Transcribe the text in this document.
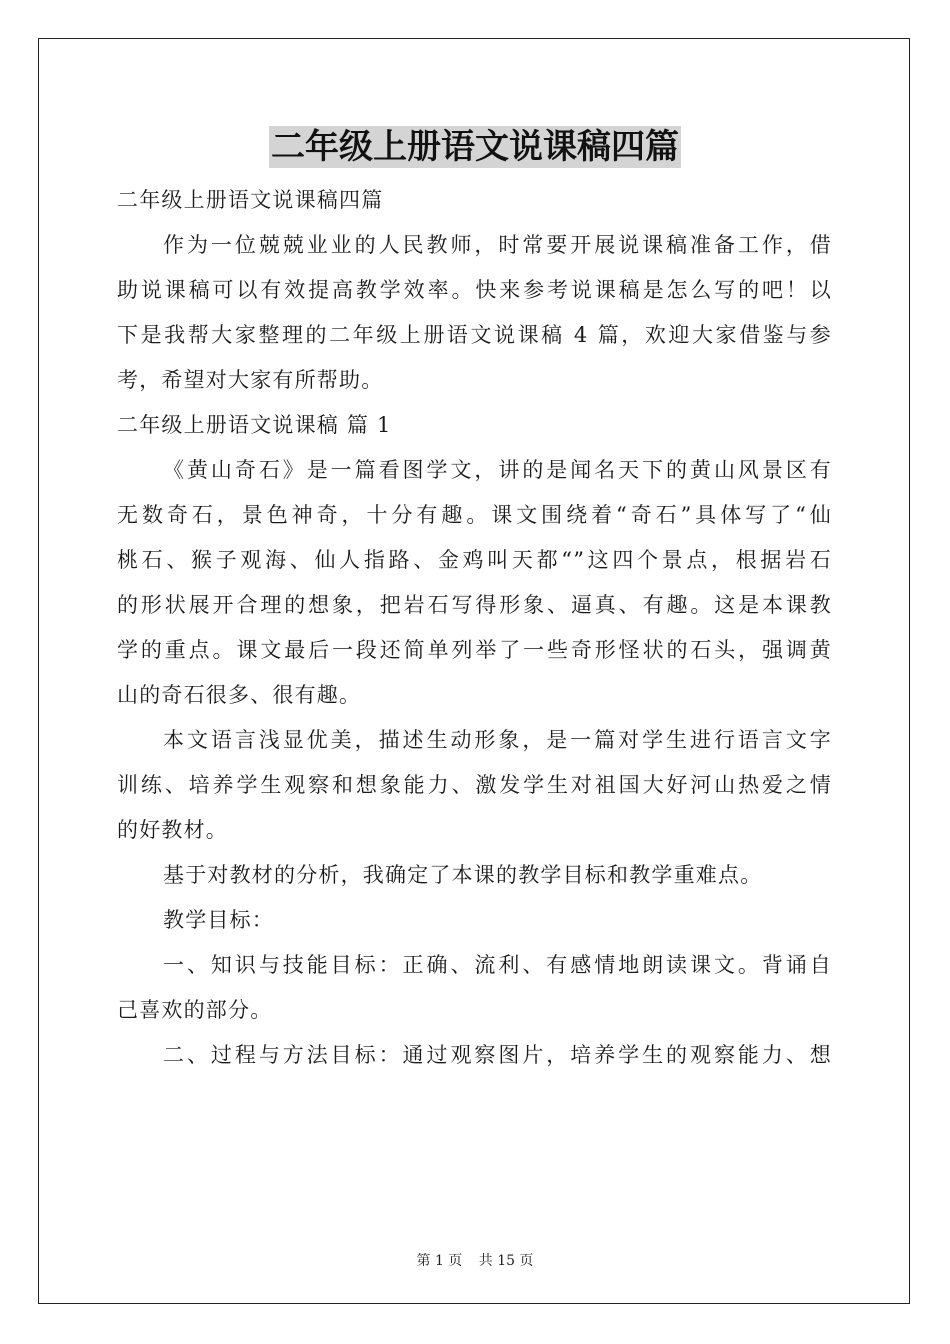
二年级上册语文说课稿四篇
二年级上册语文说课稿四篇
作为一位兢兢业业的人民教师，时常要开展说课稿准备工作，借
助说课稿可以有效提高教学效率。快来参考说课稿是怎么写的吧！以
下是我帮大家整理的二年级上册语文说课稿 4 篇，欢迎大家借鉴与参
考，希望对大家有所帮助。
二年级上册语文说课稿 篇 1
《黄山奇石》是一篇看图学文，讲的是闻名天下的黄山风景区有
无数奇石，景色神奇，十分有趣。课文围绕着“奇石”具体写了“仙
桃石、猴子观海、仙人指路、金鸡叫天都“”这四个景点，根据岩石
的形状展开合理的想象，把岩石写得形象、逼真、有趣。这是本课教
学的重点。课文最后一段还简单列举了一些奇形怪状的石头，强调黄
山的奇石很多、很有趣。
本文语言浅显优美，描述生动形象，是一篇对学生进行语言文字
训练、培养学生观察和想象能力、激发学生对祖国大好河山热爱之情
的好教材。
基于对教材的分析，我确定了本课的教学目标和教学重难点。
教学目标：
一、知识与技能目标：正确、流利、有感情地朗读课文。背诵自
己喜欢的部分。
二、过程与方法目标：通过观察图片，培养学生的观察能力、想
第 1 页 共 15 页
